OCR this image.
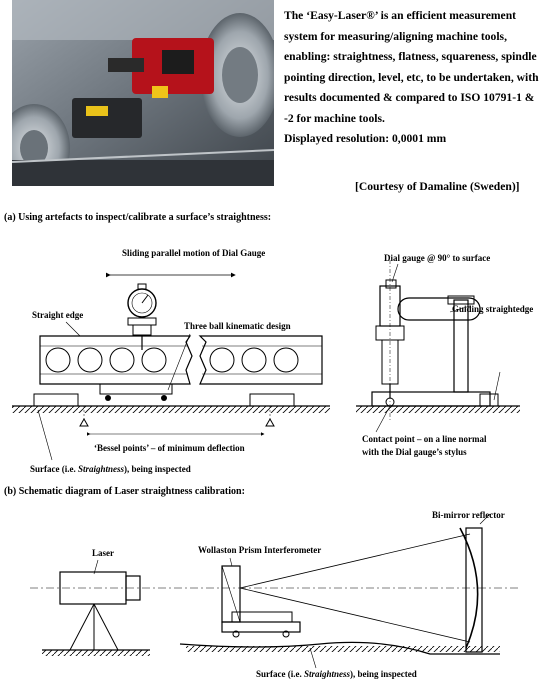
The ‘Easy-Laser®’ is an efficient measurement system for measuring/aligning machine tools, enabling: straightness, flatness, squareness, spindle pointing direction, level, etc, to be undertaken, with results documented & compared to ISO 10791-1 & -2 for machine tools.
Displayed resolution: 0,0001 mm
[Courtesy of Damaline (Sweden)]
(a) Using artefacts to inspect/calibrate a surface’s straightness:
Sliding parallel motion of Dial Gauge
Straight edge
Three ball kinematic design
‘Bessel points’ – of minimum deflection
Surface (i.e. Straightness), being inspected
Dial gauge @ 90° to surface
Guiding straightedge
Contact point – on a line normal
with the Dial gauge’s stylus
(b) Schematic diagram of Laser straightness calibration:
Laser	Wollaston Prism Interferometer
Bi-mirror reflector
Surface (i.e. Straightness), being inspected
